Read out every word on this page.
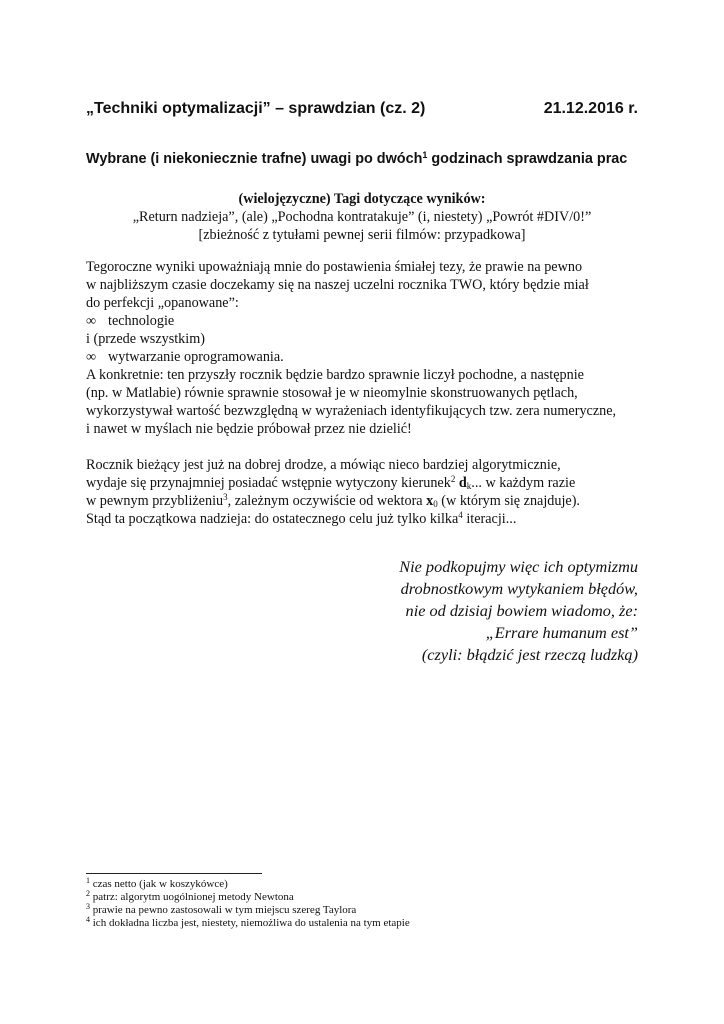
„Techniki optymalizacji” – sprawdzian (cz. 2)	21.12.2016 r.
Wybrane (i niekoniecznie trafne) uwagi po dwóch$^1$ godzinach sprawdzania prac
(wielojęzyczne) Tagi dotyczące wyników:
„Return nadzieja”, (ale) „Pochodna kontratakuje” (i, niestety) „Powrót #DIV/0!”
[zbieżność z tytułami pewnej serii filmów: przypadkowa]
Tegoroczne wyniki upoważniają mnie do postawienia śmiałej tezy, że prawie na pewno
w najbliższym czasie doczekamy się na naszej uczelni rocznika TWO, który będzie miał
do perfekcji „opanowane”:
∞ technologie
i (przede wszystkim)
∞ wytwarzanie oprogramowania.
A konkretnie: ten przyszły rocznik będzie bardzo sprawnie liczył pochodne, a następnie
(np. w Matlabie) równie sprawnie stosował je w nieomylnie skonstruowanych pętlach,
wykorzystywał wartość bezwzględną w wyrażeniach identyfikujących tzw. zera numeryczne,
i nawet w myślach nie będzie próbował przez nie dzielić!
Rocznik bieżący jest już na dobrej drodze, a mówiąc nieco bardziej algorytmicznie,
wydaje się przynajmniej posiadać wstępnie wytyczony kierunek$^2$ $d_k$... w każdym razie
w pewnym przybliżeniu$^3$, zależnym oczywiście od wektora $x_0$ (w którym się znajduje).
Stąd ta początkowa nadzieja: do ostatecznego celu już tylko kilka$^4$ iteracji...
Nie podkopujmy więc ich optymizmu
drobnostkowym wytykaniem błędów,
nie od dzisiaj bowiem wiadomo, że:
„Errare humanum est”
(czyli: błądzić jest rzeczą ludzką)
$^1$ czas netto (jak w koszykówce)
$^2$ patrz: algorytm uogólnionej metody Newtona
$^3$ prawie na pewno zastosowali w tym miejscu szereg Taylora
$^4$ ich dokładna liczba jest, niestety, niemożliwa do ustalenia na tym etapie
